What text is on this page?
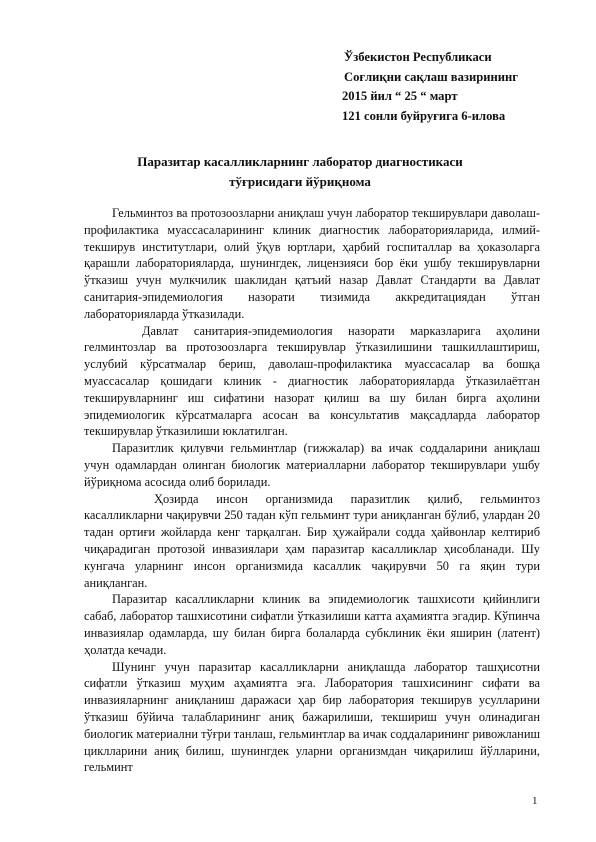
Ўзбекистон Республикаси
Соғлиқни сақлаш вазирининг
2015 йил “ 25 “ март
121 сонли буйруғига 6-илова
Паразитар касалликларнинг лаборатор диагностикаси
тўғрисидаги йўриқнома

Гельминтоз ва протозоозларни аниқлаш учун лаборатор текширувлари даволаш-профилактика муассасаларининг клиник диагностик лабораторияларида, илмий-текширув институтлари, олий ўқув юртлари, ҳарбий госпиталлар ва ҳоказоларга қарашли лабораторияларда, шунингдек, лицензияси бор ёки ушбу текширувларни ўтказиш учун мулкчилик шаклидан қатъий назар Давлат Стандарти ва Давлат санитария-эпидемиология назорати тизимида аккредитациядан ўтган лабораторияларда ўтказилади.

Давлат санитария-эпидемиология назорати марказларига аҳолини гелминтозлар ва протозоозларга текширувлар ўтказилишини ташкиллаштириш, услубий кўрсатмалар бериш, даволаш-профилактика муассасалар ва бошқа муассасалар қошидаги клиник - диагностик лабораторияларда ўтказилаётган текширувларнинг иш сифатини назорат қилиш ва шу билан бирга аҳолини эпидемиологик кўрсатмаларга асосан ва консультатив мақсадларда лаборатор текширувлар ўтказилиши юклатилган.

Паразитлик қилувчи гельминтлар (гижжалар) ва ичак соддаларини аниқлаш учун одамлардан олинган биологик материалларни лаборатор текширувлари ушбу йўриқнома асосида олиб борилади.

Ҳозирда инсон организмида паразитлик қилиб, гельминтоз касалликларни чақирувчи 250 тадан кўп гельминт тури аниқланган бўлиб, улардан 20 тадан ортиғи жойларда кенг тарқалган. Бир ҳужайрали содда ҳайвонлар келтириб чиқарадиган протозой инвазиялари ҳам паразитар касалликлар ҳисобланади. Шу кунгача уларнинг инсон организмида касаллик чақирувчи 50 га яқин тури аниқланган.

Паразитар касалликларни клиник ва эпидемиологик ташхисоти қийинлиги сабаб, лаборатор ташхисотини сифатли ўтказилиши катта аҳамиятга эгадир. Кўпинча инвазиялар одамларда, шу билан бирга болаларда субклиник ёки яширин (латент) ҳолатда кечади.

Шунинг учун паразитар касалликларни аниқлашда лаборатор ташҳисотни сифатли ўтказиш муҳим аҳамиятга эга. Лаборатория ташхисининг сифати ва инвазияларнинг аниқланиш даражаси ҳар бир лаборатория текширув усулларини ўтказиш бўйича талабларининг аниқ бажарилиши, текшириш учун олинадиган биологик материални тўғри танлаш, гельминтлар ва ичак соддаларининг ривожланиш циклларини аниқ билиш, шунингдек уларни организмдан чиқарилиш йўлларини, гельминт

1
